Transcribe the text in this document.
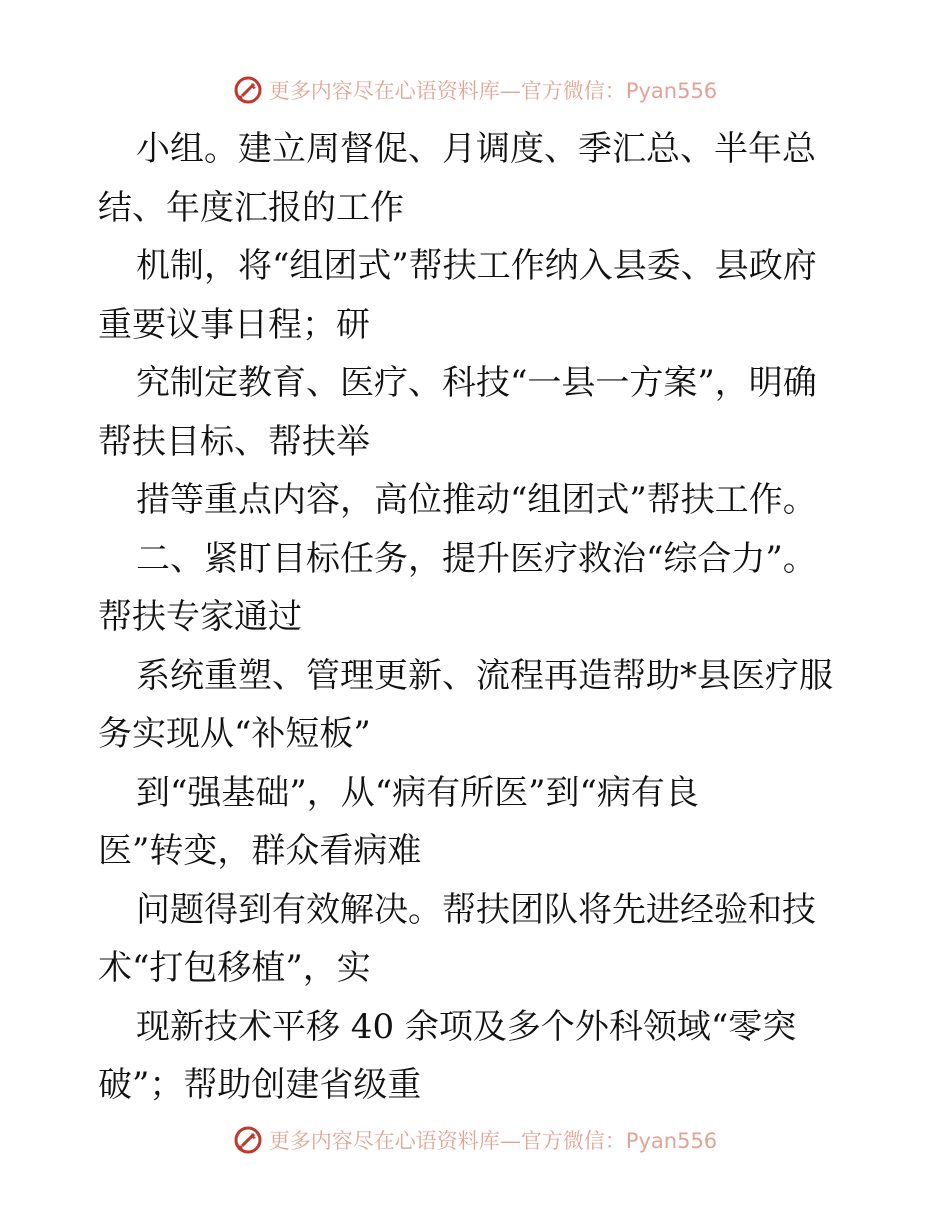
更多内容尽在心语资料库—官方微信：Pyan556
小组。建立周督促、月调度、季汇总、半年总
结、年度汇报的工作
机制，将“组团式”帮扶工作纳入县委、县政府
重要议事日程；研
究制定教育、医疗、科技“一县一方案”，明确
帮扶目标、帮扶举
措等重点内容，高位推动“组团式”帮扶工作。
二、紧盯目标任务，提升医疗救治“综合力”。
帮扶专家通过
系统重塑、管理更新、流程再造帮助*县医疗服
务实现从“补短板”
到“强基础”，从“病有所医”到“病有良
医”转变，群众看病难
问题得到有效解决。帮扶团队将先进经验和技
术“打包移植”，实
现新技术平移 40 余项及多个外科领域“零突
破”；帮助创建省级重
更多内容尽在心语资料库—官方微信：Pyan556
